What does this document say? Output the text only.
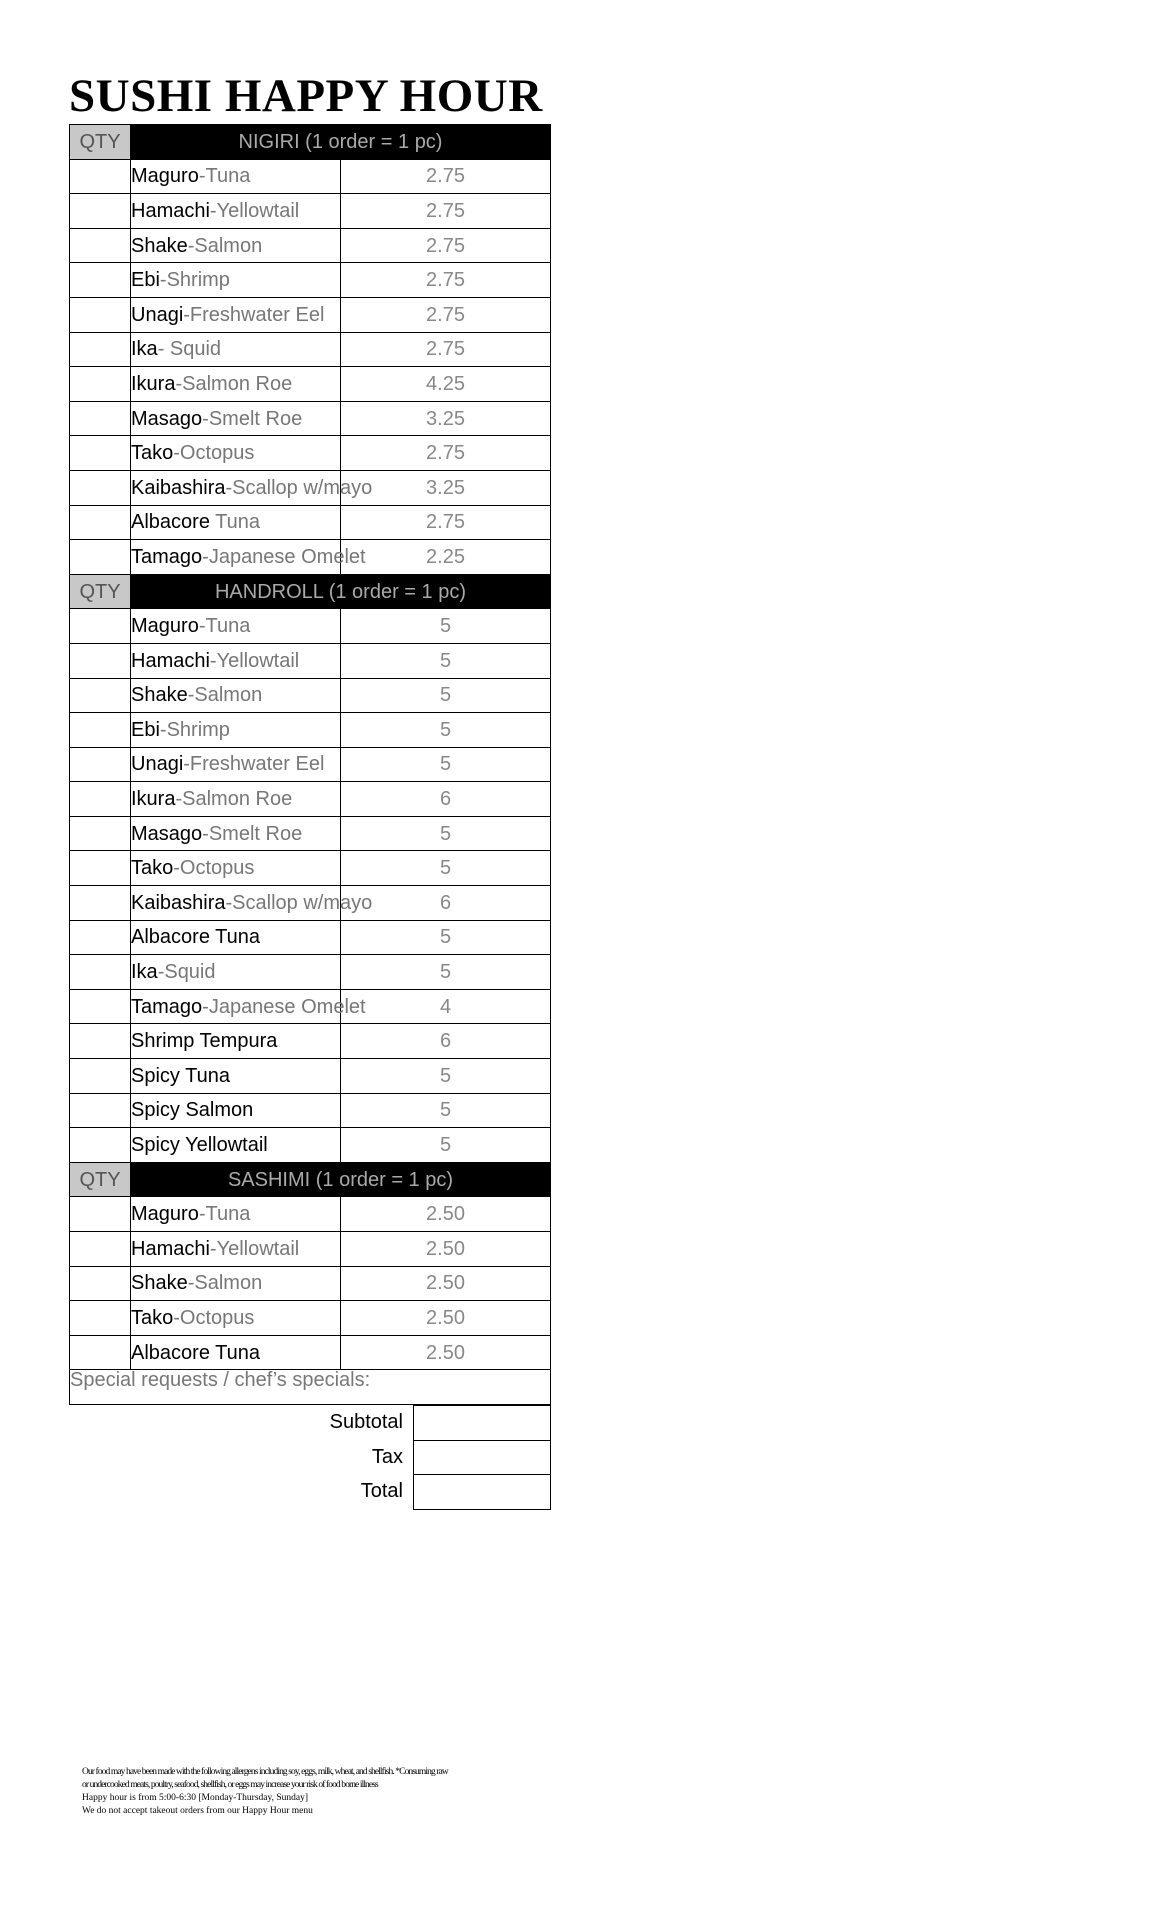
SUSHI HAPPY HOUR
QTY	NIGIRI (1 order = 1 pc)	
	Maguro-Tuna	2.75
	Hamachi-Yellowtail	2.75
	Shake-Salmon	2.75
	Ebi-Shrimp	2.75
	Unagi-Freshwater Eel	2.75
	Ika- Squid	2.75
	Ikura-Salmon Roe	4.25
	Masago-Smelt Roe	3.25
	Tako-Octopus	2.75
	Kaibashira-Scallop w/mayo	3.25
	Albacore Tuna	2.75
	Tamago-Japanese Omelet	2.25
QTY	HANDROLL (1 order = 1 pc)	
	Maguro-Tuna	5
	Hamachi-Yellowtail	5
	Shake-Salmon	5
	Ebi-Shrimp	5
	Unagi-Freshwater Eel	5
	Ikura-Salmon Roe	6
	Masago-Smelt Roe	5
	Tako-Octopus	5
	Kaibashira-Scallop w/mayo	6
	Albacore Tuna	5
	Ika-Squid	5
	Tamago-Japanese Omelet	4
	Shrimp Tempura	6
	Spicy Tuna	5
	Spicy Salmon	5
	Spicy Yellowtail	5
QTY	SASHIMI (1 order = 1 pc)	
	Maguro-Tuna	2.50
	Hamachi-Yellowtail	2.50
	Shake-Salmon	2.50
	Tako-Octopus	2.50
	Albacore Tuna	2.50
Special requests / chef’s specials:		
Subtotal	
Tax	
Total	
Our food may have been made with the following allergens including soy, eggs, milk, wheat, and shellfish. *Consuming raw
or undercooked meats, poultry, seafood, shellfish, or eggs may increase your risk of food borne illness
Happy hour is from 5:00-6:30 [Monday-Thursday, Sunday]
We do not accept takeout orders from our Happy Hour menu
